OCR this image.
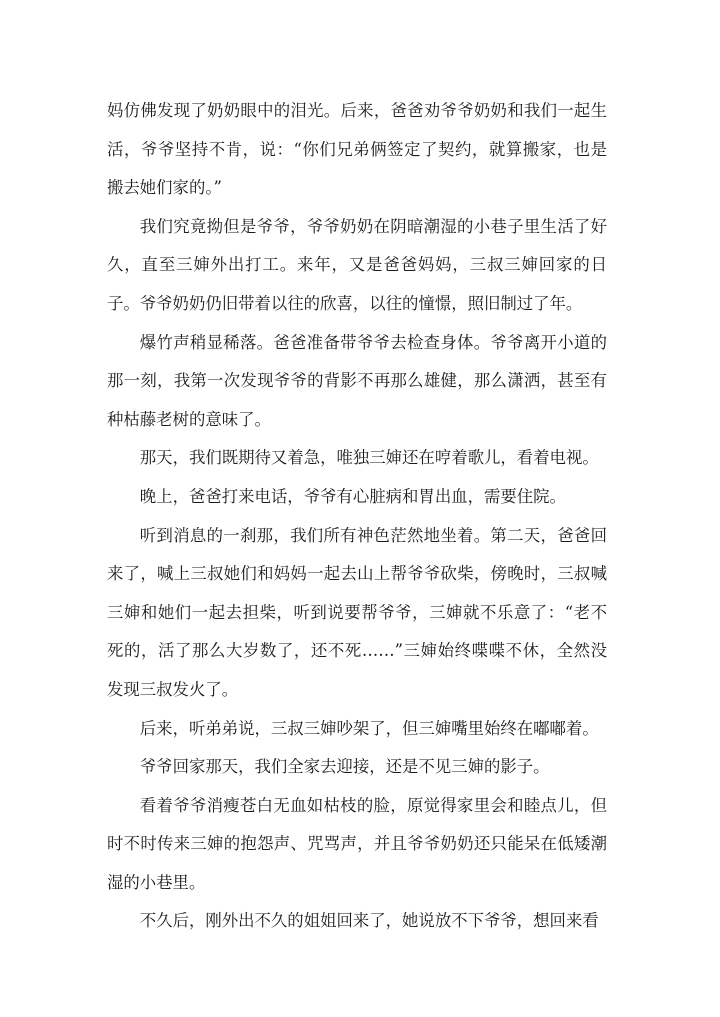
妈仿佛发现了奶奶眼中的泪光。后来，爸爸劝爷爷奶奶和我们一起生活，爷爷坚持不肯，说：“你们兄弟俩签定了契约，就算搬家，也是搬去她们家的。”

我们究竟拗但是爷爷，爷爷奶奶在阴暗潮湿的小巷子里生活了好久，直至三婶外出打工。来年，又是爸爸妈妈，三叔三婶回家的日子。爷爷奶奶仍旧带着以往的欣喜，以往的憧憬，照旧制过了年。

爆竹声稍显稀落。爸爸准备带爷爷去检查身体。爷爷离开小道的那一刻，我第一次发现爷爷的背影不再那么雄健，那么潇洒，甚至有种枯藤老树的意味了。

那天，我们既期待又着急，唯独三婶还在哼着歌儿，看着电视。

晚上，爸爸打来电话，爷爷有心脏病和胃出血，需要住院。

听到消息的一刹那，我们所有神色茫然地坐着。第二天，爸爸回来了，喊上三叔她们和妈妈一起去山上帮爷爷砍柴，傍晚时，三叔喊三婶和她们一起去担柴，听到说要帮爷爷，三婶就不乐意了：“老不死的，活了那么大岁数了，还不死……”三婶始终喋喋不休，全然没发现三叔发火了。

后来，听弟弟说，三叔三婶吵架了，但三婶嘴里始终在嘟嘟着。

爷爷回家那天，我们全家去迎接，还是不见三婶的影子。

看着爷爷消瘦苍白无血如枯枝的脸，原觉得家里会和睦点儿，但时不时传来三婶的抱怨声、咒骂声，并且爷爷奶奶还只能呆在低矮潮湿的小巷里。

不久后，刚外出不久的姐姐回来了，她说放不下爷爷，想回来看
